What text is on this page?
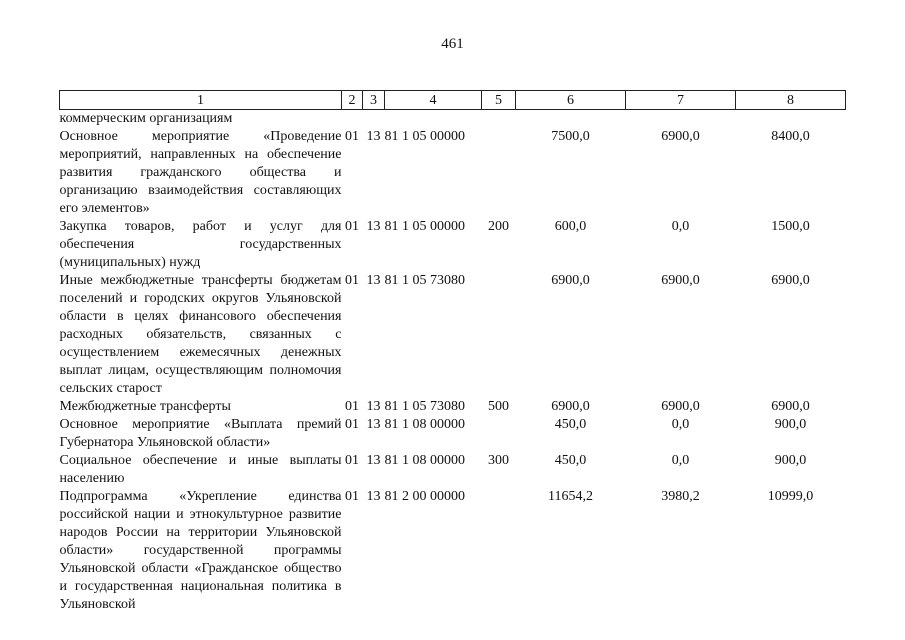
461
1	2	3	4	5	6	7	8
коммерческим организациям							
Основное мероприятие «Проведение мероприятий, направленных на обеспечение развития гражданского общества и организацию взаимодействия составляющих его элементов»	01	13	81 1 05 00000		7500,0	6900,0	8400,0
Закупка товаров, работ и услуг для обеспечения государственных (муниципальных) нужд	01	13	81 1 05 00000	200	600,0	0,0	1500,0
Иные межбюджетные трансферты бюджетам поселений и городских округов Ульяновской области в целях финансового обеспечения расходных обязательств, связанных с осуществлением ежемесячных денежных выплат лицам, осуществляющим полномочия сельских старост	01	13	81 1 05 73080		6900,0	6900,0	6900,0
Межбюджетные трансферты	01	13	81 1 05 73080	500	6900,0	6900,0	6900,0
Основное мероприятие «Выплата премий Губернатора Ульяновской области»	01	13	81 1 08 00000		450,0	0,0	900,0
Социальное обеспечение и иные выплаты населению	01	13	81 1 08 00000	300	450,0	0,0	900,0
Подпрограмма «Укрепление единства российской нации и этнокультурное развитие народов России на территории Ульяновской области» государственной программы Ульяновской области «Гражданское общество и государственная национальная политика в Ульяновской	01	13	81 2 00 00000		11654,2	3980,2	10999,0
